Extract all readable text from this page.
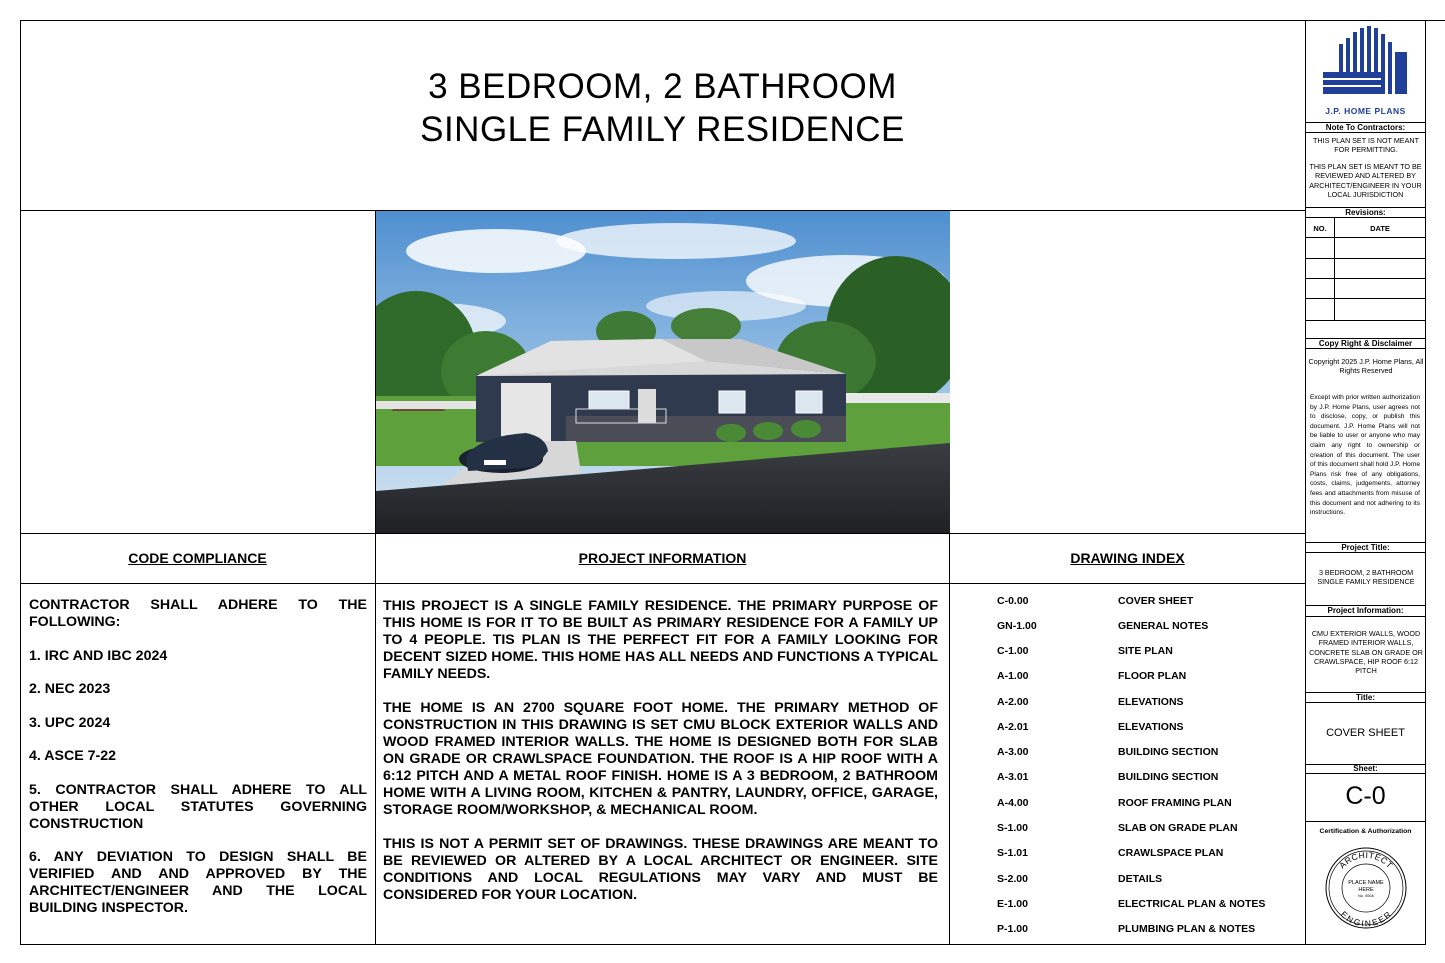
3 BEDROOM, 2 BATHROOM
SINGLE FAMILY RESIDENCE
CODE COMPLIANCE	PROJECT INFORMATION	DRAWING INDEX

CONTRACTOR SHALL ADHERE TO THE FOLLOWING:

1. IRC AND IBC 2024

2. NEC 2023

3. UPC 2024

4. ASCE 7-22

5. CONTRACTOR SHALL ADHERE TO ALL OTHER LOCAL STATUTES GOVERNING CONSTRUCTION

6. ANY DEVIATION TO DESIGN SHALL BE VERIFIED AND AND APPROVED BY THE ARCHITECT/ENGINEER AND THE LOCAL BUILDING INSPECTOR.

THIS PROJECT IS A SINGLE FAMILY RESIDENCE. THE PRIMARY PURPOSE OF THIS HOME IS FOR IT TO BE BUILT AS PRIMARY RESIDENCE FOR A FAMILY UP TO 4 PEOPLE. TIS PLAN IS THE PERFECT FIT FOR A FAMILY LOOKING FOR DECENT SIZED HOME. THIS HOME HAS ALL NEEDS AND FUNCTIONS A TYPICAL FAMILY NEEDS.

THE HOME IS AN 2700 SQUARE FOOT HOME. THE PRIMARY METHOD OF CONSTRUCTION IN THIS DRAWING IS SET CMU BLOCK EXTERIOR WALLS AND WOOD FRAMED INTERIOR WALLS. THE HOME IS DESIGNED BOTH FOR SLAB ON GRADE OR CRAWLSPACE FOUNDATION. THE ROOF IS A HIP ROOF WITH A 6:12 PITCH AND A METAL ROOF FINISH. HOME IS A 3 BEDROOM, 2 BATHROOM HOME WITH A LIVING ROOM, KITCHEN & PANTRY, LAUNDRY, OFFICE, GARAGE, STORAGE ROOM/WORKSHOP, & MECHANICAL ROOM.

THIS IS NOT A PERMIT SET OF DRAWINGS. THESE DRAWINGS ARE MEANT TO BE REVIEWED OR ALTERED BY A LOCAL ARCHITECT OR ENGINEER. SITE CONDITIONS AND LOCAL REGULATIONS MAY VARY AND MUST BE CONSIDERED FOR YOUR LOCATION.

C-0.00	COVER SHEET
GN-1.00	GENERAL NOTES
C-1.00	SITE PLAN
A-1.00	FLOOR PLAN
A-2.00	ELEVATIONS
A-2.01	ELEVATIONS
A-3.00	BUILDING SECTION
A-3.01	BUILDING SECTION
A-4.00	ROOF FRAMING PLAN
S-1.00	SLAB ON GRADE PLAN
S-1.01	CRAWLSPACE PLAN
S-2.00	DETAILS
E-1.00	ELECTRICAL PLAN & NOTES
P-1.00	PLUMBING PLAN & NOTES
J.P. HOME PLANS
Note To Contractors:
THIS PLAN SET IS NOT MEANT FOR PERMITTING.
THIS PLAN SET IS MEANT TO BE REVIEWED AND ALTERED BY ARCHITECT/ENGINEER IN YOUR LOCAL JURISDICTION
Revisions:
NO.	DATE
Copy Right & Disclaimer
Copyright 2025 J.P. Home Plans, All Rights Reserved
Except with prior written authorization by J.P. Home Plans, user agrees not to disclose, copy, or publish this document. J.P. Home Plans will not be liable to user or anyone who may claim any right to ownership or creation of this document. The user of this document shall hold J.P. Home Plans risk free of any obligations, costs, claims, judgements, attorney fees and attachments from misuse of this document and not adhering to its instructions.
Project Title:
3 BEDROOM, 2 BATHROOM SINGLE FAMILY RESIDENCE
Project Information:
CMU EXTERIOR WALLS, WOOD FRAMED INTERIOR WALLS, CONCRETE SLAB ON GRADE OR CRAWLSPACE, HIP ROOF 6:12 PITCH
Title:
COVER SHEET
Sheet:
C-0
Certification & Authorization
ARCHITECT
ENGINEER
PLACE NAME
HERE
No. 000A
